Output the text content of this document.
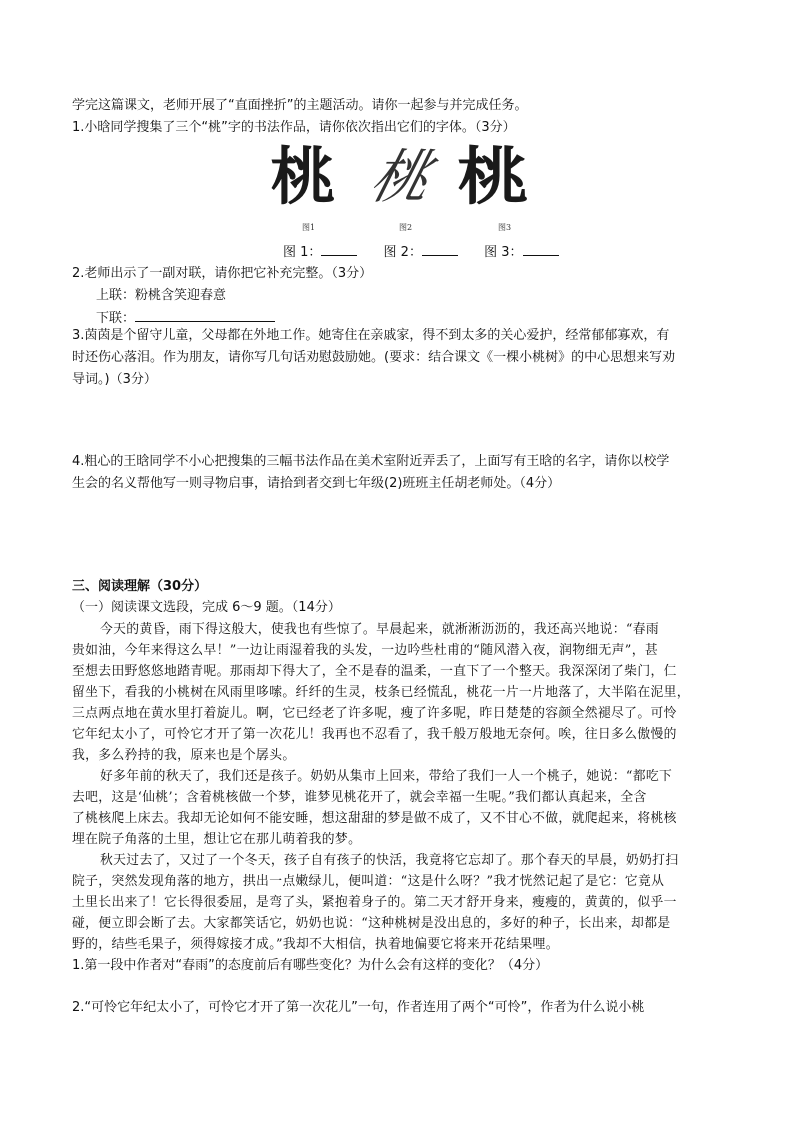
学完这篇课文，老师开展了“直面挫折”的主题活动。请你一起参与并完成任务。
1.小晗同学搜集了三个“桃”字的书法作品，请你依次指出它们的字体。（3分）
桃 桃 桃
图1	图2	图3
图 1：	图 2：	图 3：
2.老师出示了一副对联，请你把它补充完整。（3分）
上联：粉桃含笑迎春意
下联：
3.茵茵是个留守儿童，父母都在外地工作。她寄住在亲戚家，得不到太多的关心爱护，经常郁郁寡欢，有
时还伤心落泪。作为朋友，请你写几句话劝慰鼓励她。(要求：结合课文《一棵小桃树》的中心思想来写劝
导词。)（3分）
4.粗心的王晗同学不小心把搜集的三幅书法作品在美术室附近弄丢了，上面写有王晗的名字，请你以校学
生会的名义帮他写一则寻物启事，请拾到者交到七年级(2)班班主任胡老师处。（4分）
三、阅读理解（30分）
（一）阅读课文选段，完成 6～9 题。（14分）
今天的黄昏，雨下得这般大，使我也有些惊了。早晨起来，就淅淅沥沥的，我还高兴地说：“春雨
贵如油，今年来得这么早！”一边让雨湿着我的头发，一边吟些杜甫的“随风潜入夜，润物细无声”，甚
至想去田野悠悠地踏青呢。那雨却下得大了，全不是春的温柔，一直下了一个整天。我深深闭了柴门，仁
留坐下，看我的小桃树在风雨里哆嗦。纤纤的生灵，枝条已经慌乱，桃花一片一片地落了，大半陷在泥里，
三点两点地在黄水里打着旋儿。啊，它已经老了许多呢，瘦了许多呢，昨日楚楚的容颜全然褪尽了。可怜
它年纪太小了，可怜它才开了第一次花儿！我再也不忍看了，我千般万般地无奈何。唉，往日多么傲慢的
我，多么矜持的我，原来也是个孱头。
好多年前的秋天了，我们还是孩子。奶奶从集市上回来，带给了我们一人一个桃子，她说：“都吃下
去吧，这是‘仙桃’；含着桃核做一个梦，谁梦见桃花开了，就会幸福一生呢。”我们都认真起来，全含
了桃核爬上床去。我却无论如何不能安睡，想这甜甜的梦是做不成了，又不甘心不做，就爬起来，将桃核
埋在院子角落的土里，想让它在那儿萌着我的梦。
秋天过去了，又过了一个冬天，孩子自有孩子的快活，我竟将它忘却了。那个春天的早晨，奶奶打扫
院子，突然发现角落的地方，拱出一点嫩绿儿，便叫道：“这是什么呀？”我才恍然记起了是它：它竟从
土里长出来了！它长得很委屈，是弯了头，紧抱着身子的。第二天才舒开身来，瘦瘦的，黄黄的，似乎一
碰，便立即会断了去。大家都笑话它，奶奶也说：“这种桃树是没出息的，多好的种子，长出来，却都是
野的，结些毛果子，须得嫁接才成。”我却不大相信，执着地偏要它将来开花结果哩。
1.第一段中作者对“春雨”的态度前后有哪些变化？为什么会有这样的变化？（4分）
2.“可怜它年纪太小了，可怜它才开了第一次花儿”一句，作者连用了两个“可怜”，作者为什么说小桃
